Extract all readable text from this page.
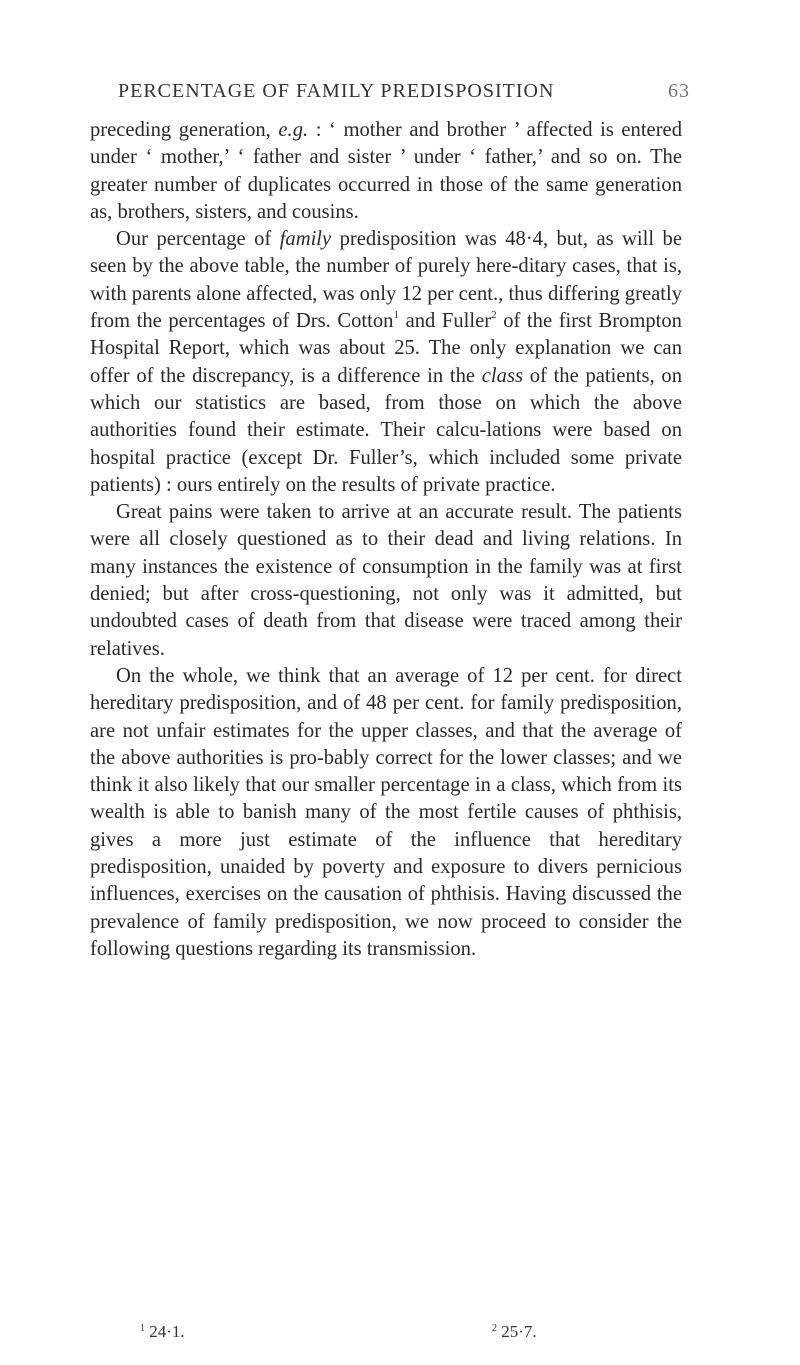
PERCENTAGE OF FAMILY PREDISPOSITION	63

preceding generation, e.g. : ‘ mother and brother ’ affected is entered under ‘ mother,’ ‘ father and sister ’ under ‘ father,’ and so on. The greater number of duplicates occurred in those of the same generation as, brothers, sisters, and cousins.

Our percentage of family predisposition was 48·4, but, as will be seen by the above table, the number of purely here-ditary cases, that is, with parents alone affected, was only 12 per cent., thus differing greatly from the percentages of Drs. Cotton$^1$ and Fuller$^2$ of the first Brompton Hospital Report, which was about 25. The only explanation we can offer of the discrepancy, is a difference in the class of the patients, on which our statistics are based, from those on which the above authorities found their estimate. Their calcu-lations were based on hospital practice (except Dr. Fuller’s, which included some private patients) : ours entirely on the results of private practice.

Great pains were taken to arrive at an accurate result. The patients were all closely questioned as to their dead and living relations. In many instances the existence of consumption in the family was at first denied; but after cross-questioning, not only was it admitted, but undoubted cases of death from that disease were traced among their relatives.

On the whole, we think that an average of 12 per cent. for direct hereditary predisposition, and of 48 per cent. for family predisposition, are not unfair estimates for the upper classes, and that the average of the above authorities is pro-bably correct for the lower classes; and we think it also likely that our smaller percentage in a class, which from its wealth is able to banish many of the most fertile causes of phthisis, gives a more just estimate of the influence that hereditary predisposition, unaided by poverty and exposure to divers pernicious influences, exercises on the causation of phthisis. Having discussed the prevalence of family predisposition, we now proceed to consider the following questions regarding its transmission.

$^1$ 24·1.	$^2$ 25·7.
